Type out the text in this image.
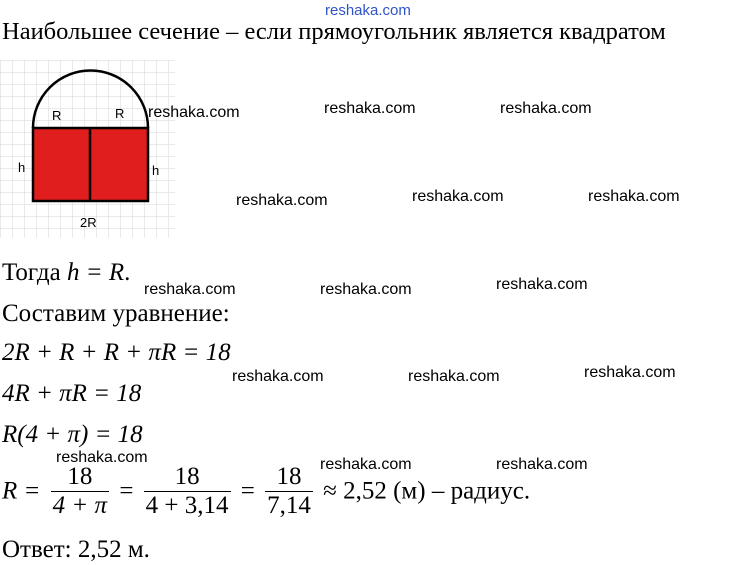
reshaka.com
Наибольшее сечение – если прямоугольник является квадратом
R	R
h	h
2R
Тогда h = R.
Составим уравнение:
2R + R + R + πR = 18
4R + πR = 18
R(4 + π) = 18
$R = \frac{18}{4 + \pi} = \frac{18}{4 + 3,14} = \frac{18}{7,14} \approx 2,52$ (м) – радиус.
Ответ: 2,52 м.
reshaka.com	reshaka.com	reshaka.com
reshaka.com	reshaka.com	reshaka.com
reshaka.com	reshaka.com	reshaka.com
reshaka.com	reshaka.com	reshaka.com
reshaka.com	reshaka.com	reshaka.com
